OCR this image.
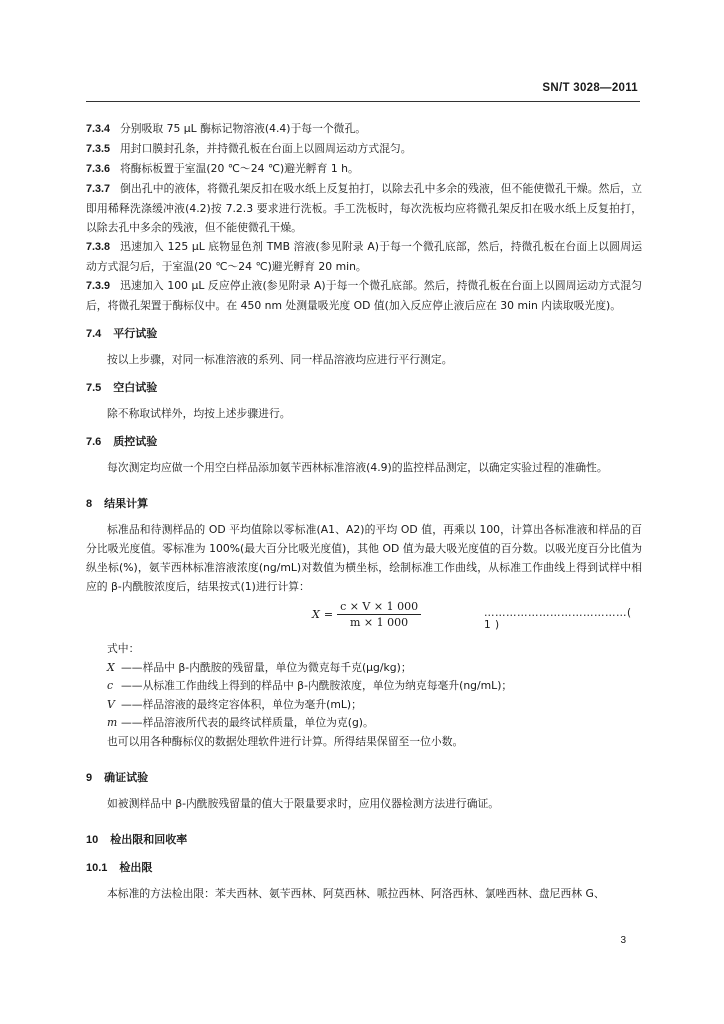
SN/T 3028—2011

7.3.4 分别吸取 75 μL 酶标记物溶液(4.4)于每一个微孔。

7.3.5 用封口膜封孔条，并持微孔板在台面上以圆周运动方式混匀。

7.3.6 将酶标板置于室温(20 ℃～24 ℃)避光孵育 1 h。

7.3.7 倒出孔中的液体，将微孔架反扣在吸水纸上反复拍打，以除去孔中多余的残液，但不能使微孔干燥。然后，立即用稀释洗涤缓冲液(4.2)按 7.2.3 要求进行洗板。手工洗板时，每次洗板均应将微孔架反扣在吸水纸上反复拍打，以除去孔中多余的残液，但不能使微孔干燥。

7.3.8 迅速加入 125 μL 底物显色剂 TMB 溶液(参见附录 A)于每一个微孔底部，然后，持微孔板在台面上以圆周运动方式混匀后，于室温(20 ℃～24 ℃)避光孵育 20 min。

7.3.9 迅速加入 100 μL 反应停止液(参见附录 A)于每一个微孔底部。然后，持微孔板在台面上以圆周运动方式混匀后，将微孔架置于酶标仪中。在 450 nm 处测量吸光度 OD 值(加入反应停止液后应在 30 min 内读取吸光度)。

7.4 平行试验

按以上步骤，对同一标准溶液的系列、同一样品溶液均应进行平行测定。

7.5 空白试验

除不称取试样外，均按上述步骤进行。

7.6 质控试验

每次测定均应做一个用空白样品添加氨苄西林标准溶液(4.9)的监控样品测定，以确定实验过程的准确性。

8 结果计算

标准品和待测样品的 OD 平均值除以零标准(A1、A2)的平均 OD 值，再乘以 100，计算出各标准液和样品的百分比吸光度值。零标准为 100%(最大百分比吸光度值)，其他 OD 值为最大吸光度值的百分数。以吸光度百分比值为纵坐标(%)，氨苄西林标准溶液浓度(ng/mL)对数值为横坐标，绘制标准工作曲线，从标准工作曲线上得到试样中相应的 β-内酰胺浓度后，结果按式(1)进行计算：

$X = \frac{c \times V \times 1 000}{m \times 1 000}$	…………………………………( 1 )

式中：

X ——样品中 β-内酰胺的残留量，单位为微克每千克(μg/kg)；

c ——从标准工作曲线上得到的样品中 β-内酰胺浓度，单位为纳克每毫升(ng/mL)；

V ——样品溶液的最终定容体积，单位为毫升(mL)；

m ——样品溶液所代表的最终试样质量，单位为克(g)。

也可以用各种酶标仪的数据处理软件进行计算。所得结果保留至一位小数。

9 确证试验

如被测样品中 β-内酰胺残留量的值大于限量要求时，应用仪器检测方法进行确证。

10 检出限和回收率
10.1 检出限

本标准的方法检出限：苯夫西林、氨苄西林、阿莫西林、哌拉西林、阿洛西林、氯唑西林、盘尼西林 G、

3
